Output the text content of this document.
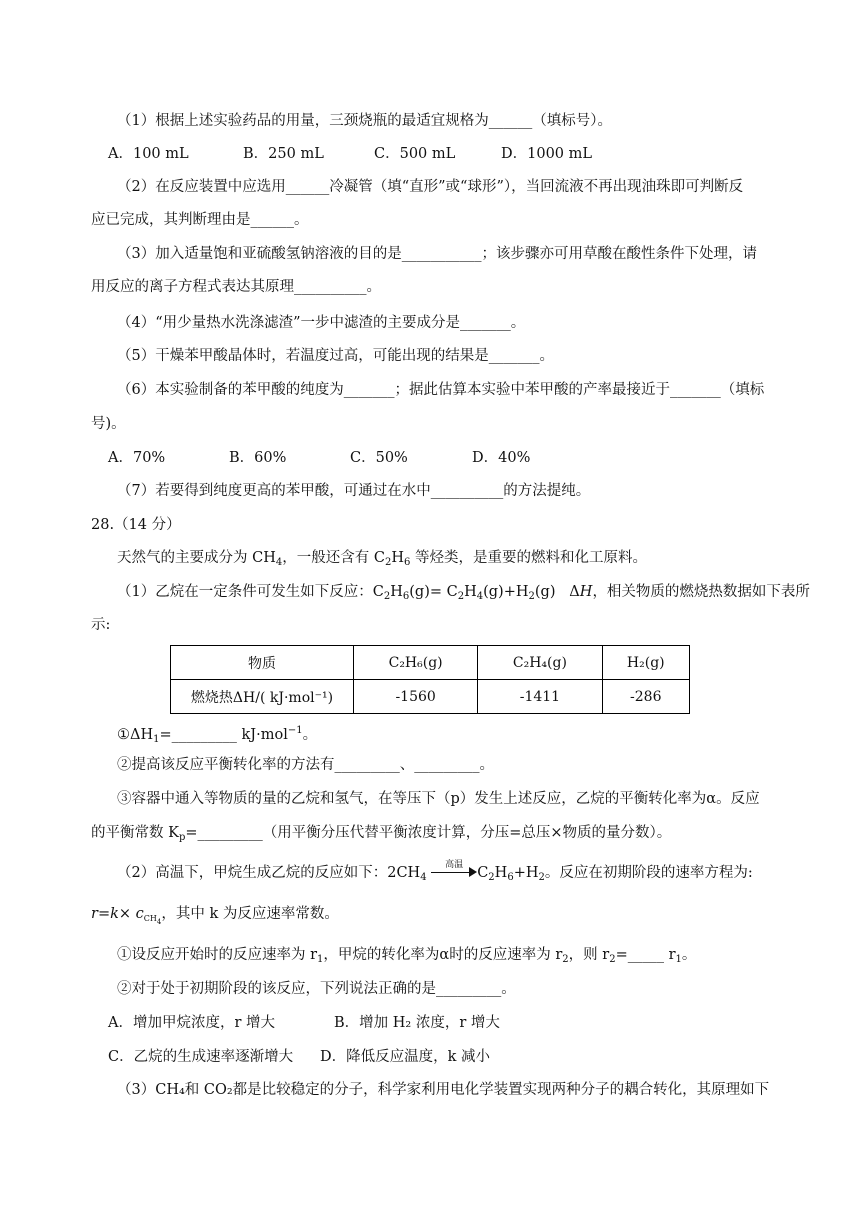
（1）根据上述实验药品的用量，三颈烧瓶的最适宜规格为______（填标号）。
A．100 mL	B．250 mL	C．500 mL	D．1000 mL
（2）在反应装置中应选用______冷凝管（填“直形”或“球形”），当回流液不再出现油珠即可判断反
应已完成，其判断理由是______。
（3）加入适量饱和亚硫酸氢钠溶液的目的是___________；该步骤亦可用草酸在酸性条件下处理，请
用反应的离子方程式表达其原理__________。
（4）“用少量热水洗涤滤渣”一步中滤渣的主要成分是_______。
（5）干燥苯甲酸晶体时，若温度过高，可能出现的结果是_______。
（6）本实验制备的苯甲酸的纯度为_______；据此估算本实验中苯甲酸的产率最接近于_______（填标
号)。
A．70%	B．60%	C．50%	D．40%
（7）若要得到纯度更高的苯甲酸，可通过在水中__________的方法提纯。
28.（14 分）
天然气的主要成分为 $CH_4$，一般还含有 $C_2H_6$ 等烃类，是重要的燃料和化工原料。
（1）乙烷在一定条件可发生如下反应：$C_2H_6(g)= C_2H_4(g)+H_2(g)$   ΔH，相关物质的燃烧热数据如下表所
示:
物质	C₂H₆(g)	C₂H₄(g)	H₂(g)
燃烧热ΔH/( kJ·mol⁻¹)	-1560	-1411	-286
$①\Delta H_1=\_\_\_\_\_\_\_\_\_$ kJ·mol$^{-1}$。
②提高该反应平衡转化率的方法有_________、_________。
③容器中通入等物质的量的乙烷和氢气，在等压下（p）发生上述反应，乙烷的平衡转化率为α。反应
的平衡常数 $K_p=\_\_\_\_\_\_\_\_\_$（用平衡分压代替平衡浓度计算，分压=总压×物质的量分数）。
（2）高温下，甲烷生成乙烷的反应如下：$2CH_4$
高温 $C_2H_6+H_2$。反应在初期阶段的速率方程为:
$r=k\times c_{CH_4}$，其中 k 为反应速率常数。
①设反应开始时的反应速率为 $r_1$，甲烷的转化率为α时的反应速率为 $r_2$，则 $r_2=\_\_\_\_\_$ $r_1$。
②对于处于初期阶段的该反应，下列说法正确的是_________。
A．增加甲烷浓度，r 增大	B．增加 H₂ 浓度，r 增大
C．乙烷的生成速率逐渐增大 D．降低反应温度，k 减小
（3）CH₄和 CO₂都是比较稳定的分子，科学家利用电化学装置实现两种分子的耦合转化，其原理如下
